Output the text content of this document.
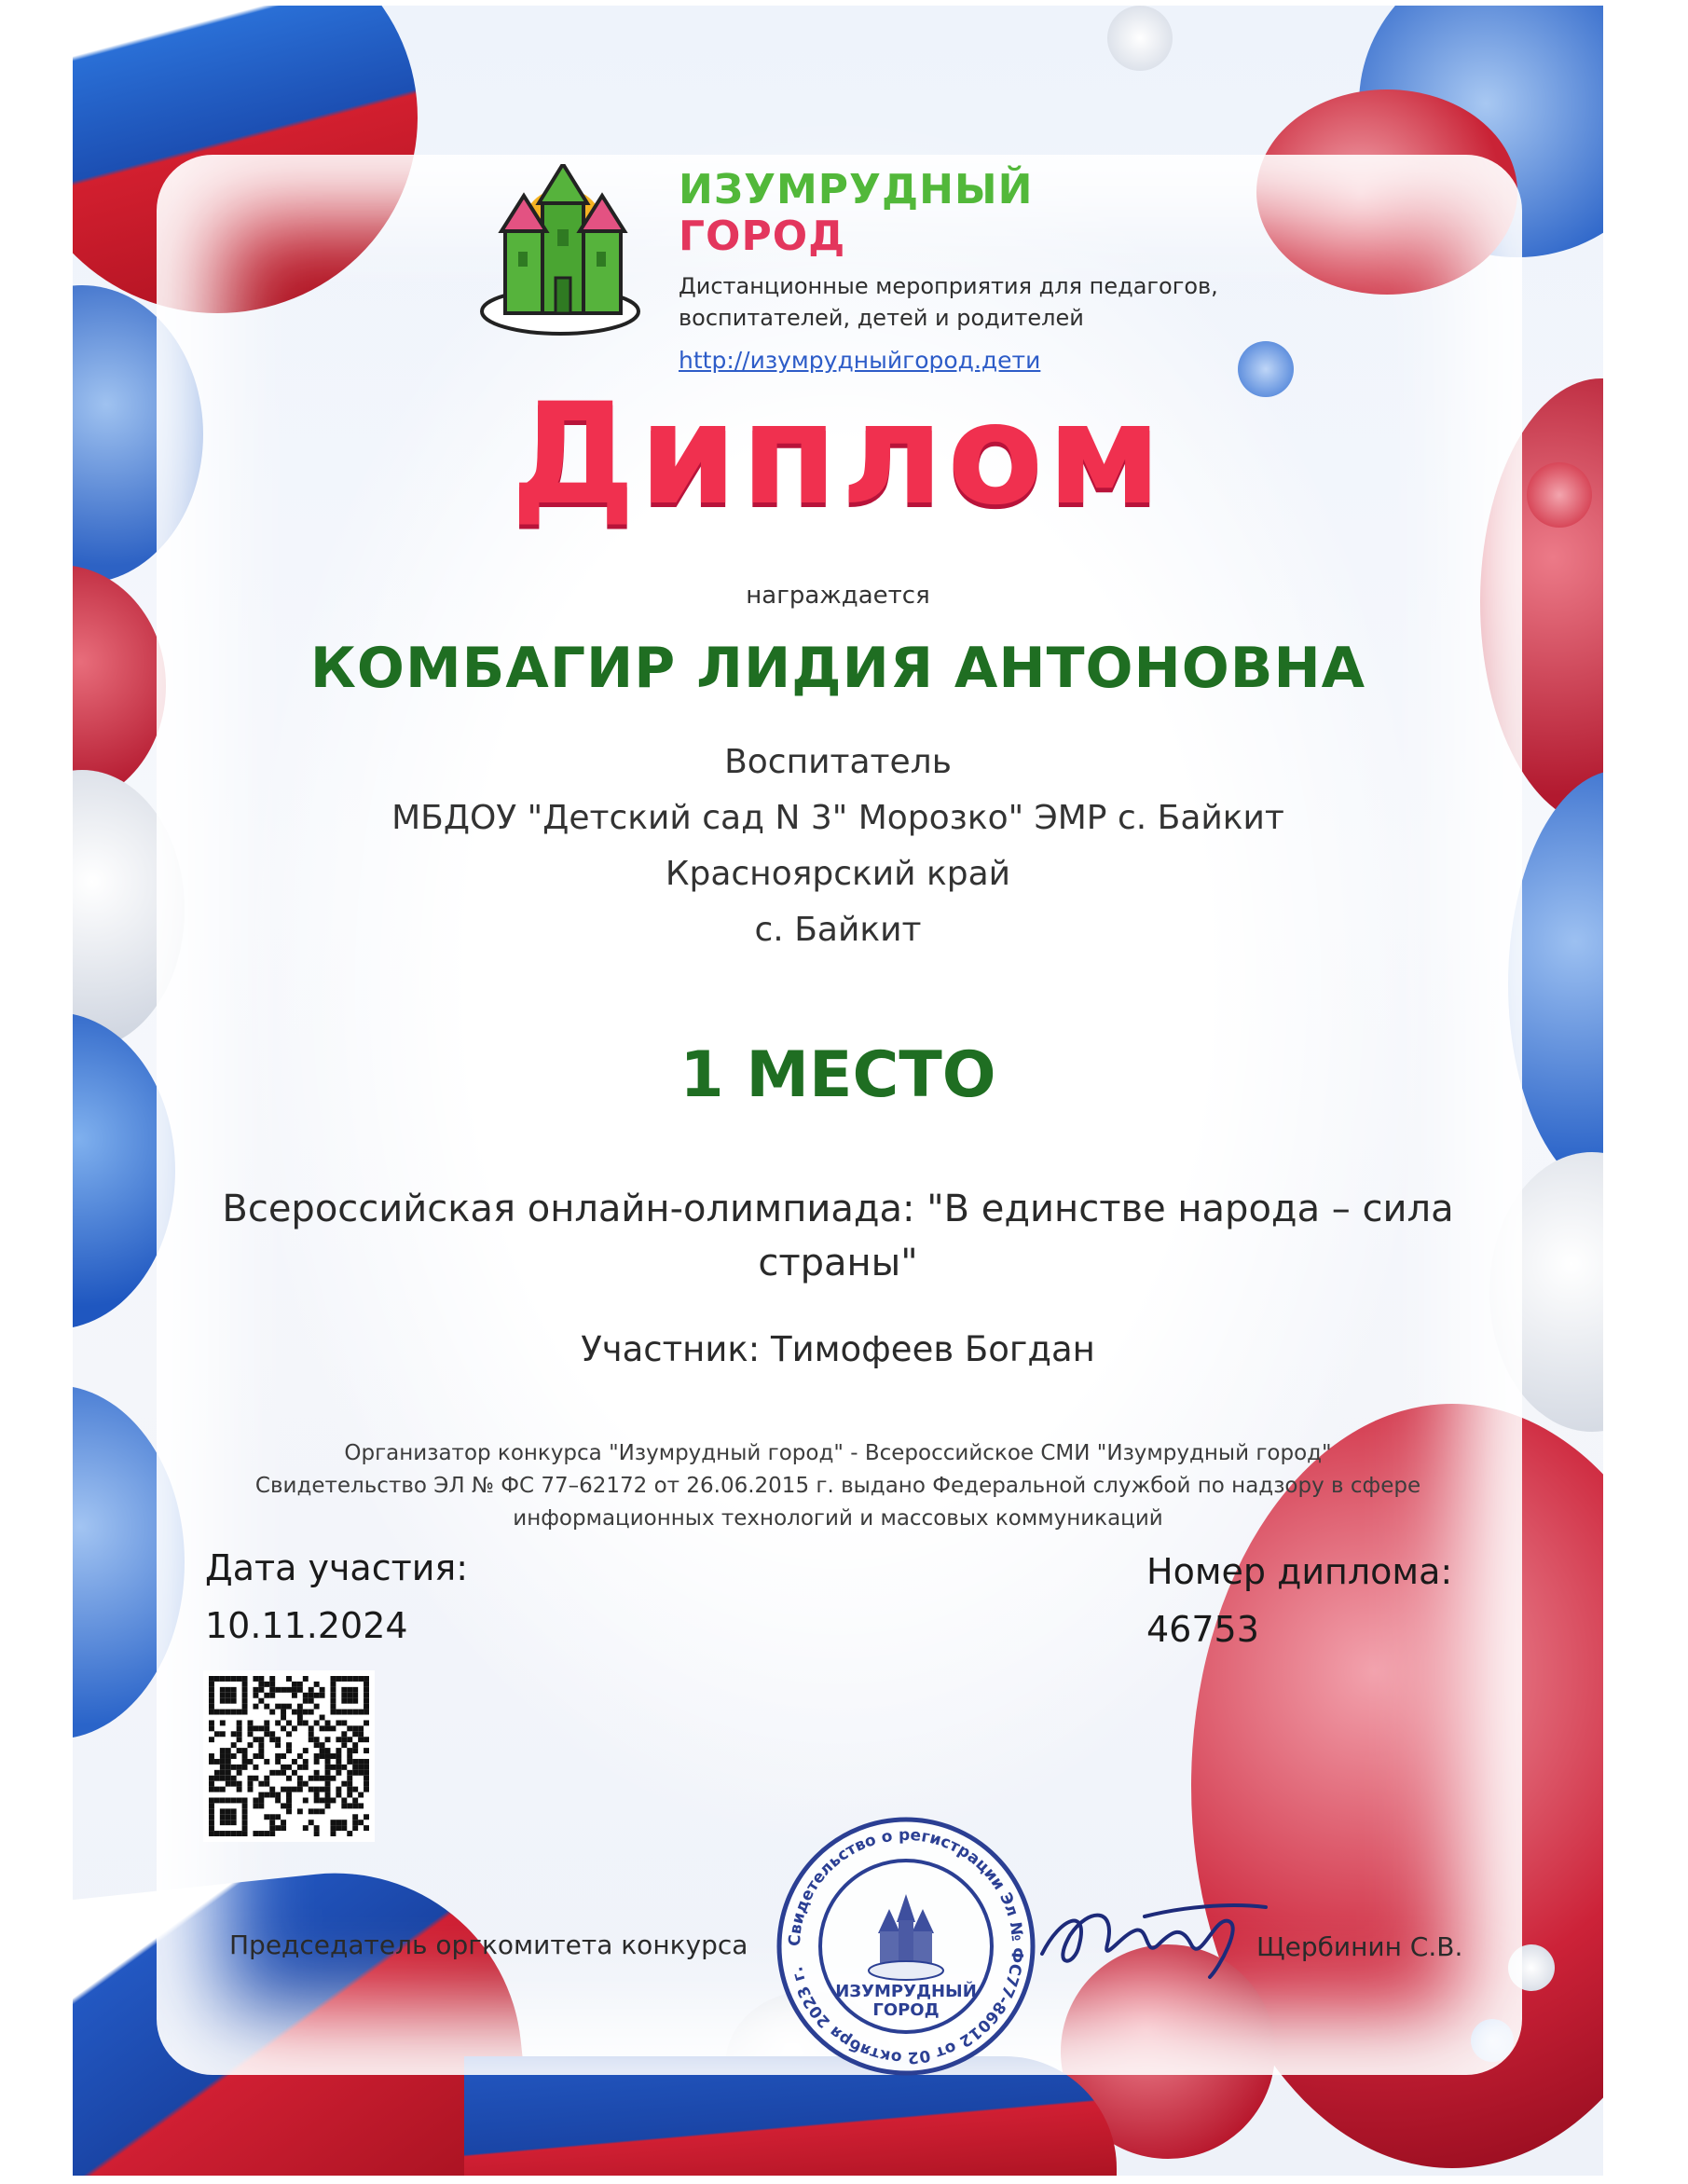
ИЗУМРУДНЫЙ
ГОРОД
Дистанционные мероприятия для педагогов,
воспитателей, детей и родителей
http://изумрудныйгород.дети
Диплом
награждается
КОМБАГИР ЛИДИЯ АНТОНОВНА
Воспитатель
МБДОУ "Детский сад N 3" Морозко" ЭМР с. Байкит
Красноярский край
с. Байкит
1 МЕСТО
Всероссийская онлайн-олимпиада: "В единстве народа – сила
страны"
Участник: Тимофеев Богдан
Организатор конкурса "Изумрудный город" - Всероссийское СМИ "Изумрудный город"
Свидетельство ЭЛ № ФС 77–62172 от 26.06.2015 г. выдано Федеральной службой по надзору в сфере
информационных технологий и массовых коммуникаций
Дата участия:
10.11.2024
Номер диплома:
46753
Председатель оргкомитета конкурса Свидетельство о регистрации Эл № ФС77-86012 от 02 октября 2023 г.
ИЗУМРУДНЫЙ
ГОРОД
Щербинин С.В.
